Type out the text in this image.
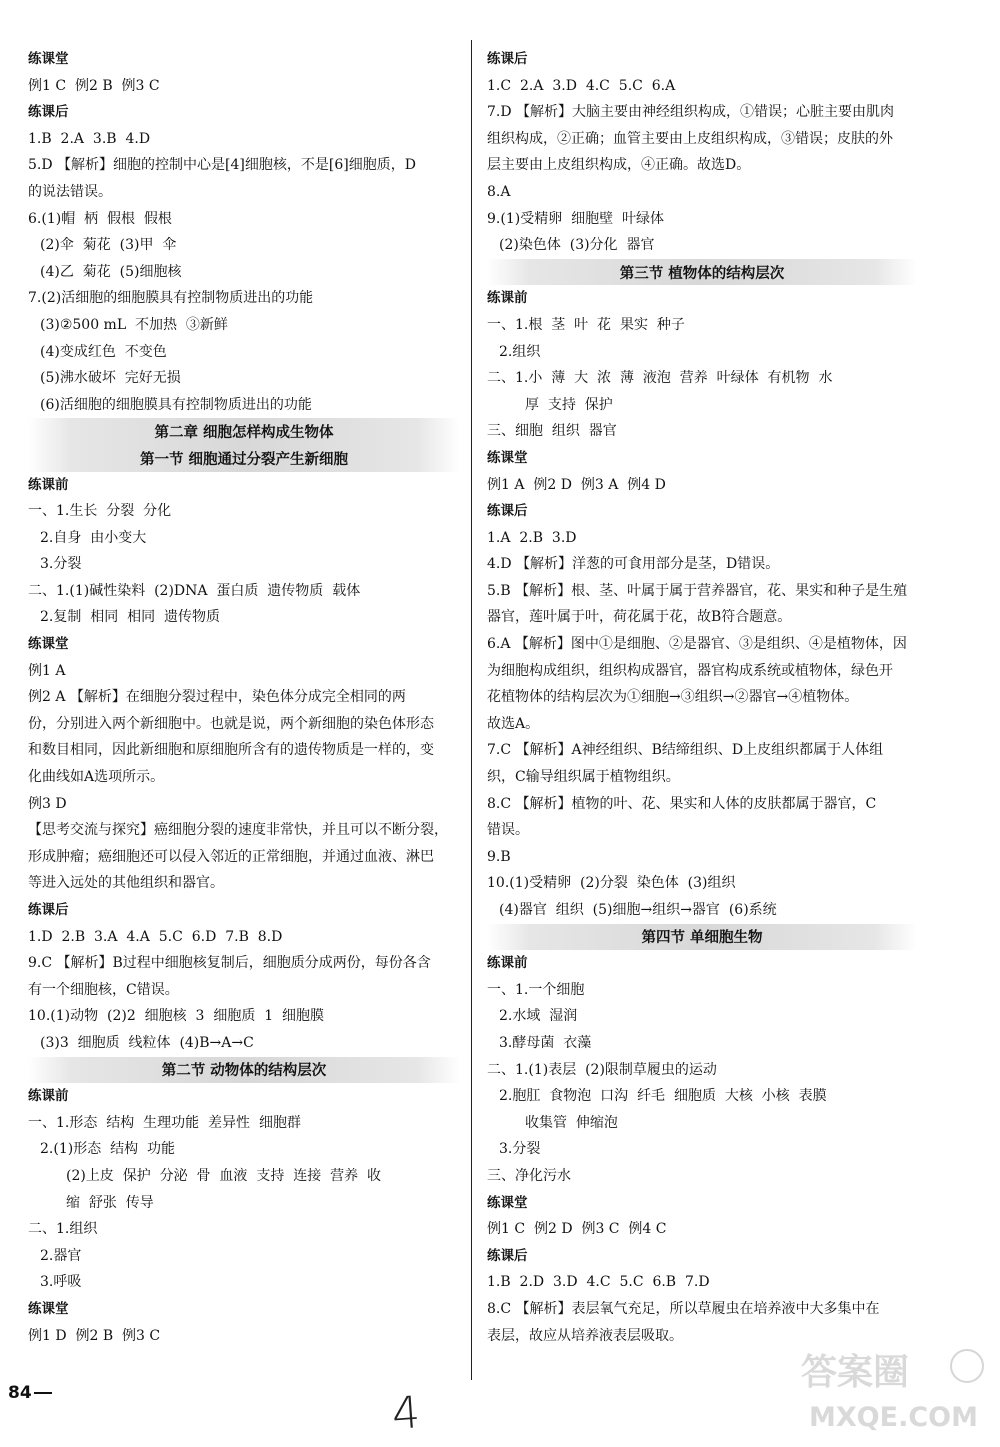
练课堂
例1 C  例2 B  例3 C
练课后
1.B  2.A  3.B  4.D
5.D 【解析】细胞的控制中心是[4]细胞核，不是[6]细胞质，D
的说法错误。
6.(1)帽  柄  假根  假根
(2)伞  菊花  (3)甲  伞
(4)乙  菊花  (5)细胞核
7.(2)活细胞的细胞膜具有控制物质进出的功能
(3)②500 mL  不加热  ③新鲜
(4)变成红色  不变色
(5)沸水破坏  完好无损
(6)活细胞的细胞膜具有控制物质进出的功能
第二章 细胞怎样构成生物体
第一节 细胞通过分裂产生新细胞
练课前
一、1.生长  分裂  分化
2.自身  由小变大
3.分裂
二、1.(1)碱性染料  (2)DNA  蛋白质  遗传物质  载体
2.复制  相同  相同  遗传物质
练课堂
例1 A
例2 A 【解析】在细胞分裂过程中，染色体分成完全相同的两
份，分别进入两个新细胞中。也就是说，两个新细胞的染色体形态
和数目相同，因此新细胞和原细胞所含有的遗传物质是一样的，变
化曲线如A选项所示。
例3 D
【思考交流与探究】癌细胞分裂的速度非常快，并且可以不断分裂，
形成肿瘤；癌细胞还可以侵入邻近的正常细胞，并通过血液、淋巴
等进入远处的其他组织和器官。
练课后
1.D  2.B  3.A  4.A  5.C  6.D  7.B  8.D
9.C 【解析】B过程中细胞核复制后，细胞质分成两份，每份各含
有一个细胞核，C错误。
10.(1)动物  (2)2  细胞核  3  细胞质  1  细胞膜
(3)3  细胞质  线粒体  (4)B→A→C
第二节 动物体的结构层次
练课前
一、1.形态  结构  生理功能  差异性  细胞群
2.(1)形态  结构  功能
(2)上皮  保护  分泌  骨  血液  支持  连接  营养  收
缩  舒张  传导
二、1.组织
2.器官
3.呼吸
练课堂
例1 D  例2 B  例3 C
练课后
1.C  2.A  3.D  4.C  5.C  6.A
7.D 【解析】大脑主要由神经组织构成，①错误；心脏主要由肌肉
组织构成，②正确；血管主要由上皮组织构成，③错误；皮肤的外
层主要由上皮组织构成，④正确。故选D。
8.A
9.(1)受精卵  细胞壁  叶绿体
(2)染色体  (3)分化  器官
第三节 植物体的结构层次
练课前
一、1.根  茎  叶  花  果实  种子
2.组织
二、1.小  薄  大  浓  薄  液泡  营养  叶绿体  有机物  水
厚  支持  保护
三、细胞  组织  器官
练课堂
例1 A  例2 D  例3 A  例4 D
练课后
1.A  2.B  3.D
4.D 【解析】洋葱的可食用部分是茎，D错误。
5.B 【解析】根、茎、叶属于属于营养器官，花、果实和种子是生殖
器官，莲叶属于叶，荷花属于花，故B符合题意。
6.A 【解析】图中①是细胞、②是器官、③是组织、④是植物体，因
为细胞构成组织，组织构成器官，器官构成系统或植物体，绿色开
花植物体的结构层次为①细胞→③组织→②器官→④植物体。
故选A。
7.C 【解析】A神经组织、B结缔组织、D上皮组织都属于人体组
织，C输导组织属于植物组织。
8.C 【解析】植物的叶、花、果实和人体的皮肤都属于器官，C
错误。
9.B
10.(1)受精卵  (2)分裂  染色体  (3)组织
(4)器官  组织  (5)细胞→组织→器官  (6)系统
第四节 单细胞生物
练课前
一、1.一个细胞
2.水域  湿润
3.酵母菌  衣藻
二、1.(1)表层  (2)限制草履虫的运动
2.胞肛  食物泡  口沟  纤毛  细胞质  大核  小核  表膜
收集管  伸缩泡
3.分裂
三、净化污水
练课堂
例1 C  例2 D  例3 C  例4 C
练课后
1.B  2.D  3.D  4.C  5.C  6.B  7.D
8.C 【解析】表层氧气充足，所以草履虫在培养液中大多集中在
表层，故应从培养液表层吸取。
84	4
答案圈
MXQE.COM
